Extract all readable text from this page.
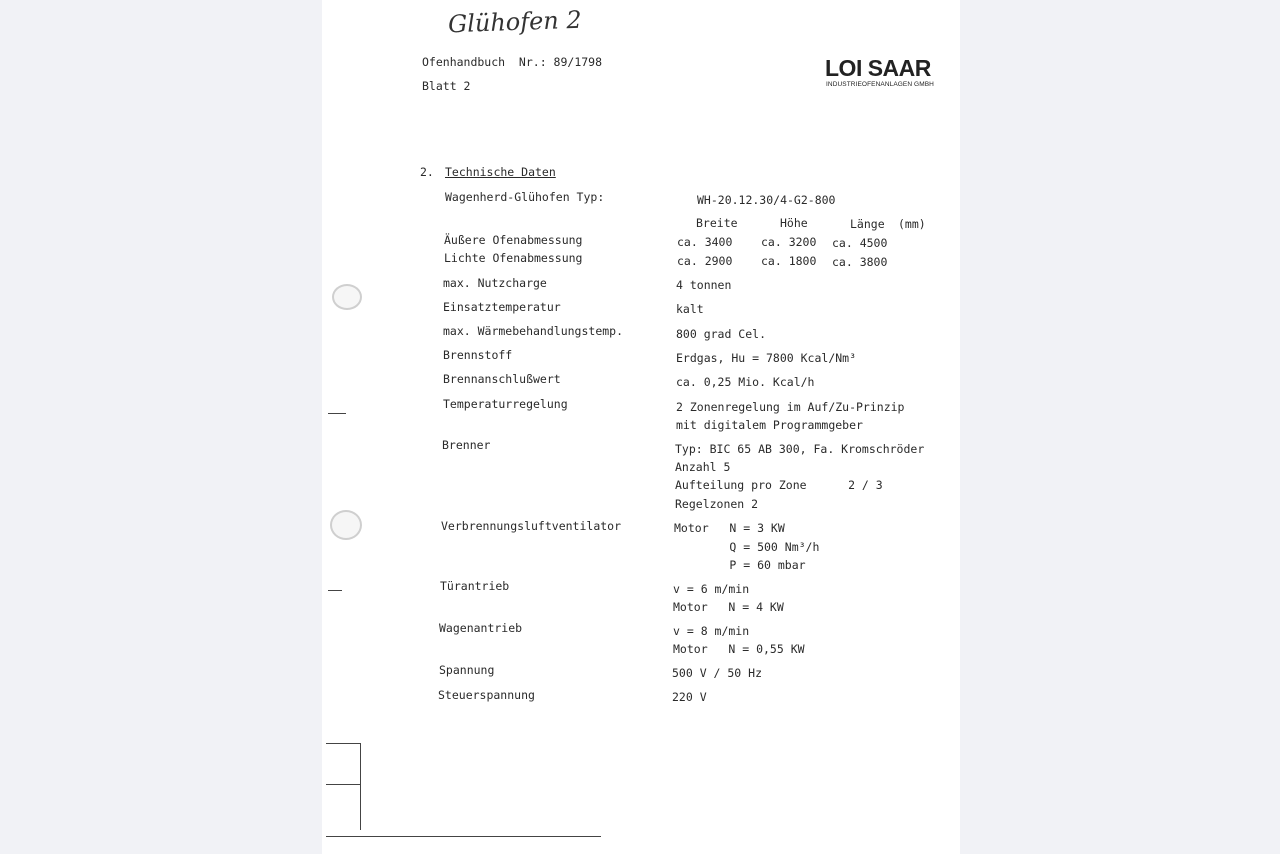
Glühofen 2
Ofenhandbuch  Nr.: 89/1798
Blatt 2
LOI SAAR
INDUSTRIEOFENANLAGEN GMBH
2. Technische Daten
Wagenherd-Glühofen Typ:	WH-20.12.30/4-G2-800
Breite	Höhe	Länge (mm)
Äußere Ofenabmessung	ca. 3400 ca. 3200 ca. 4500
Lichte Ofenabmessung	ca. 2900 ca. 1800 ca. 3800
max. Nutzcharge	4 tonnen
Einsatztemperatur	kalt
max. Wärmebehandlungstemp.	800 grad Cel.
Brennstoff	Erdgas, Hu = 7800 Kcal/Nm³
Brennanschlußwert	ca. 0,25 Mio. Kcal/h
Temperaturregelung	2 Zonenregelung im Auf/Zu-Prinzip
mit digitalem Programmgeber
Brenner	Typ: BIC 65 AB 300, Fa. Kromschröder
Anzahl 5
Aufteilung pro Zone      2 / 3
Regelzonen 2
Verbrennungsluftventilator	Motor   N = 3 KW
Q = 500 Nm³/h
P = 60 mbar
Türantrieb	v = 6 m/min
Motor   N = 4 KW
Wagenantrieb	v = 8 m/min
Motor   N = 0,55 KW
Spannung	500 V / 50 Hz
Steuerspannung	220 V
